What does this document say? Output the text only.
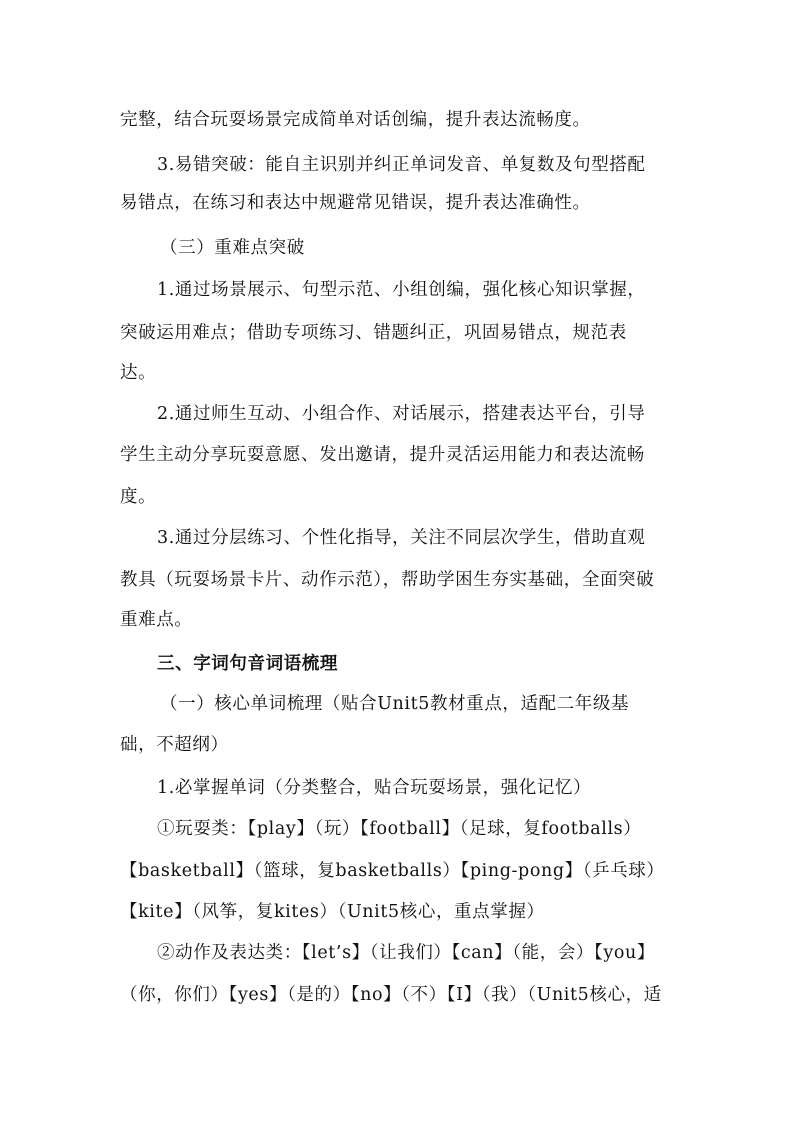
完整，结合玩耍场景完成简单对话创编，提升表达流畅度。
3.易错突破：能自主识别并纠正单词发音、单复数及句型搭配
易错点，在练习和表达中规避常见错误，提升表达准确性。
（三）重难点突破
1.通过场景展示、句型示范、小组创编，强化核心知识掌握，
突破运用难点；借助专项练习、错题纠正，巩固易错点，规范表
达。
2.通过师生互动、小组合作、对话展示，搭建表达平台，引导
学生主动分享玩耍意愿、发出邀请，提升灵活运用能力和表达流畅
度。
3.通过分层练习、个性化指导，关注不同层次学生，借助直观
教具（玩耍场景卡片、动作示范），帮助学困生夯实基础，全面突破
重难点。
三、字词句音词语梳理
（一）核心单词梳理（贴合Unit5教材重点，适配二年级基
础，不超纲）
1.必掌握单词（分类整合，贴合玩耍场景，强化记忆）
①玩耍类：【play】（玩）【football】（足球，复footballs）
【basketball】（篮球，复basketballs）【ping-pong】（乒乓球）
【kite】（风筝，复kites）（Unit5核心，重点掌握）
②动作及表达类：【let’s】（让我们）【can】（能，会）【you】
（你，你们）【yes】（是的）【no】（不）【I】（我）（Unit5核心，适
